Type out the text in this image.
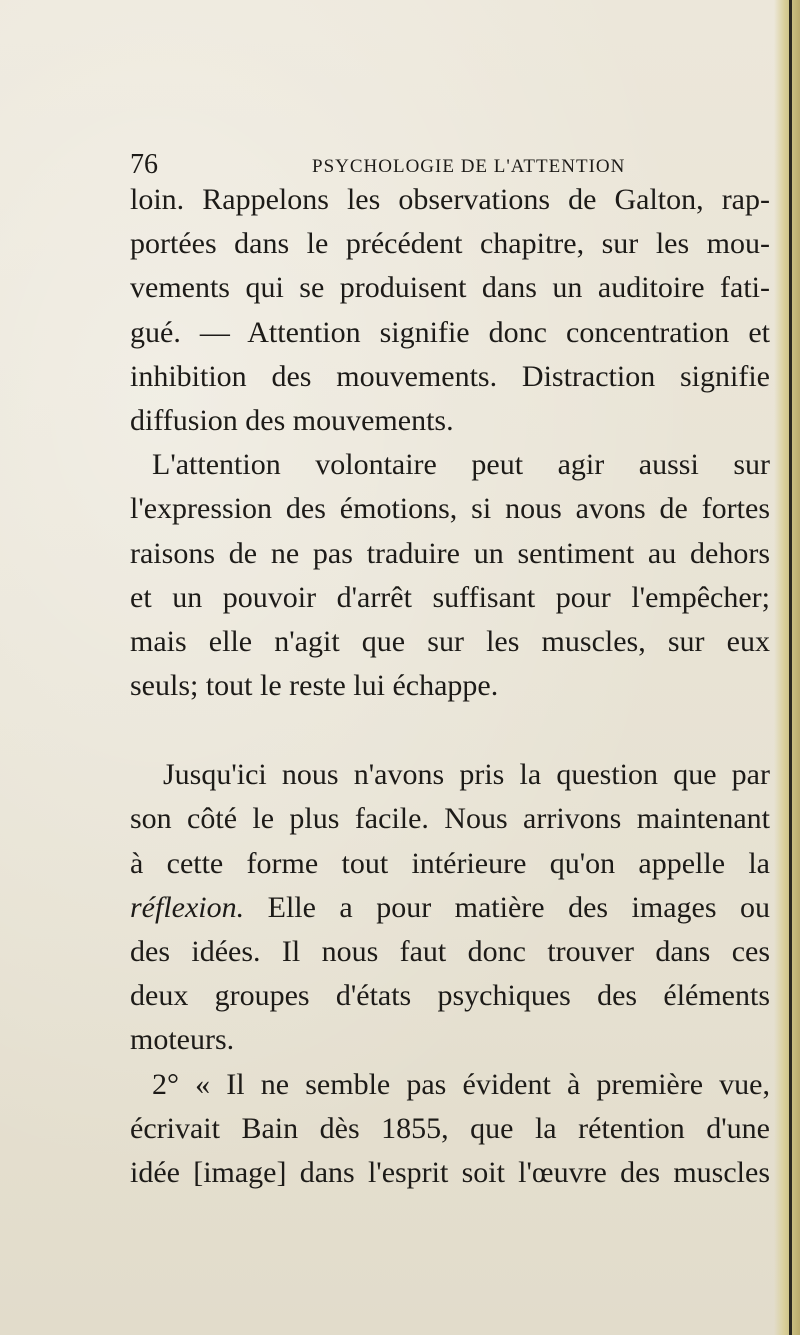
76	PSYCHOLOGIE DE L'ATTENTION
loin. Rappelons les observations de Galton, rap-
portées dans le précédent chapitre, sur les mou-
vements qui se produisent dans un auditoire fati-
gué. — Attention signifie donc concentration et
inhibition des mouvements. Distraction signifie
diffusion des mouvements.
L'attention volontaire peut agir aussi sur
l'expression des émotions, si nous avons de fortes
raisons de ne pas traduire un sentiment au dehors
et un pouvoir d'arrêt suffisant pour l'empêcher;
mais elle n'agit que sur les muscles, sur eux
seuls; tout le reste lui échappe.
Jusqu'ici nous n'avons pris la question que par
son côté le plus facile. Nous arrivons maintenant
à cette forme tout intérieure qu'on appelle la
réflexion. Elle a pour matière des images ou
des idées. Il nous faut donc trouver dans ces
deux groupes d'états psychiques des éléments
moteurs.
2° « Il ne semble pas évident à première vue,
écrivait Bain dès 1855, que la rétention d'une
idée [image] dans l'esprit soit l'œuvre des muscles
